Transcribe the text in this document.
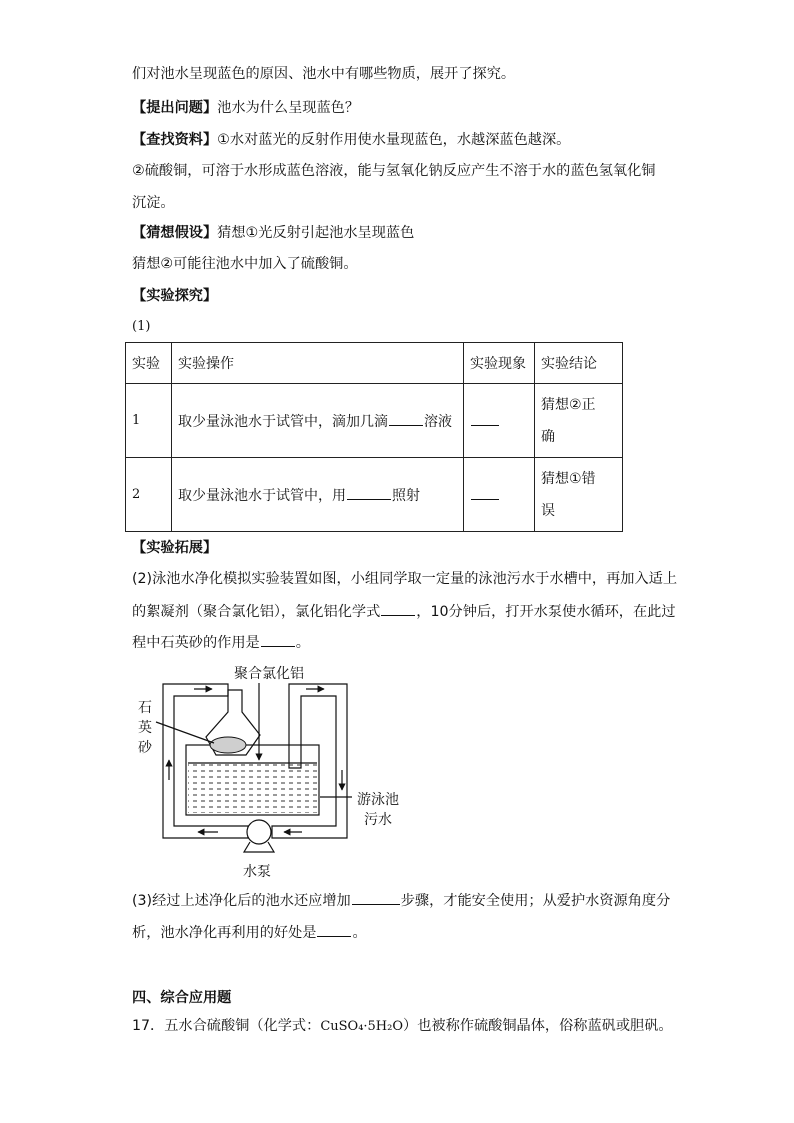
们对池水呈现蓝色的原因、池水中有哪些物质，展开了探究。
【提出问题】池水为什么呈现蓝色？
【查找资料】①水对蓝光的反射作用使水量现蓝色，水越深蓝色越深。
②硫酸铜，可溶于水形成蓝色溶液，能与氢氧化钠反应产生不溶于水的蓝色氢氧化铜
沉淀。
【猜想假设】猜想①光反射引起池水呈现蓝色
猜想②可能往池水中加入了硫酸铜。
【实验探究】
(1)
实验	实验操作	实验现象	实验结论
1	取少量泳池水于试管中，滴加几滴 溶液		猜想②正
确
2	取少量泳池水于试管中，用 照射		猜想①错
误
【实验拓展】
(2)泳池水净化模拟实验装置如图，小组同学取一定量的泳池污水于水槽中，再加入适上
的絮凝剂（聚合氯化铝），氯化铝化学式	，10分钟后，打开水泵使水循环，在此过
程中石英砂的作用是	。
聚合氯化铝
石
英
砂
游泳池
污水
水泵
(3)经过上述净化后的池水还应增加	步骤，才能安全使用；从爱护水资源角度分
析，池水净化再利用的好处是	。
四、综合应用题
17．五水合硫酸铜（化学式：CuSO₄·5H₂O）也被称作硫酸铜晶体，俗称蓝矾或胆矾。
